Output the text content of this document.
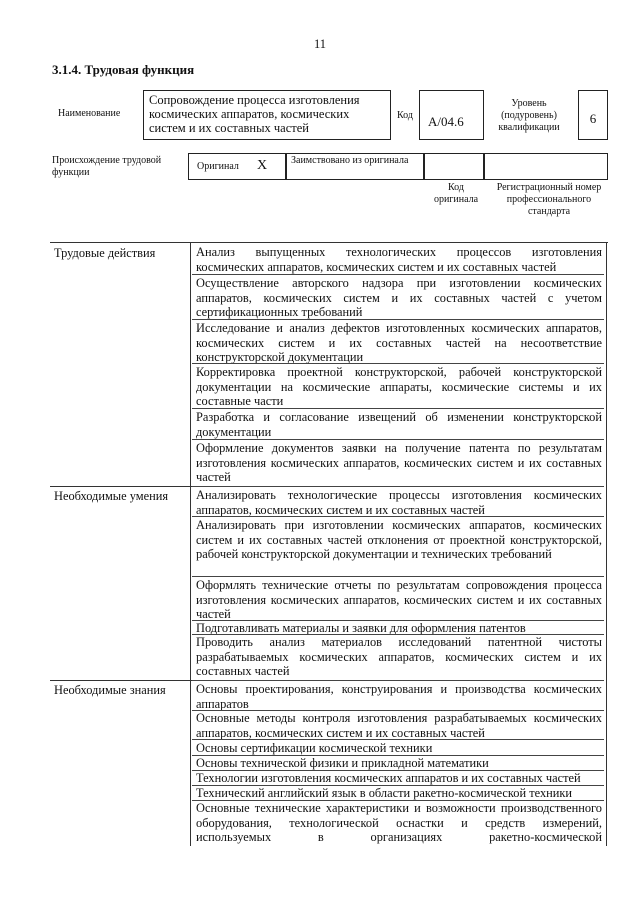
11
3.1.4. Трудовая функция
Наименование
Сопровождение процесса изготовления космических аппаратов, космических систем и их составных частей
Код	A/04.6
Уровень (подуровень) квалификации
6
Происхождение трудовой функции
Оригинал X	Заимствовано из оригинала
Код оригинала
Регистрационный номер профессионального стандарта
Трудовые действия
Необходимые умения
Необходимые знания
Анализ выпущенных технологических процессов изготовления космических аппаратов, космических систем и их составных частей
Осуществление авторского надзора при изготовлении космических аппаратов, космических систем и их составных частей с учетом сертификационных требований
Исследование и анализ дефектов изготовленных космических аппаратов, космических систем и их составных частей на несоответствие конструкторской документации
Корректировка проектной конструкторской, рабочей конструкторской документации на космические аппараты, космические системы и их составные части
Разработка и согласование извещений об изменении конструкторской документации
Оформление документов заявки на получение патента по результатам изготовления космических аппаратов, космических систем и их составных частей
Анализировать технологические процессы изготовления космических аппаратов, космических систем и их составных частей
Анализировать при изготовлении космических аппаратов, космических систем и их составных частей отклонения от проектной конструкторской, рабочей конструкторской документации и технических требований
Оформлять технические отчеты по результатам сопровождения процесса изготовления космических аппаратов, космических систем и их составных частей
Подготавливать материалы и заявки для оформления патентов
Проводить анализ материалов исследований патентной чистоты разрабатываемых космических аппаратов, космических систем и их составных частей
Основы проектирования, конструирования и производства космических аппаратов
Основные методы контроля изготовления разрабатываемых космических аппаратов, космических систем и их составных частей
Основы сертификации космической техники
Основы технической физики и прикладной математики
Технологии изготовления космических аппаратов и их составных частей
Технический английский язык в области ракетно-космической техники
Основные технические характеристики и возможности производственного оборудования, технологической оснастки и средств измерений, используемых в организациях ракетно-космической
